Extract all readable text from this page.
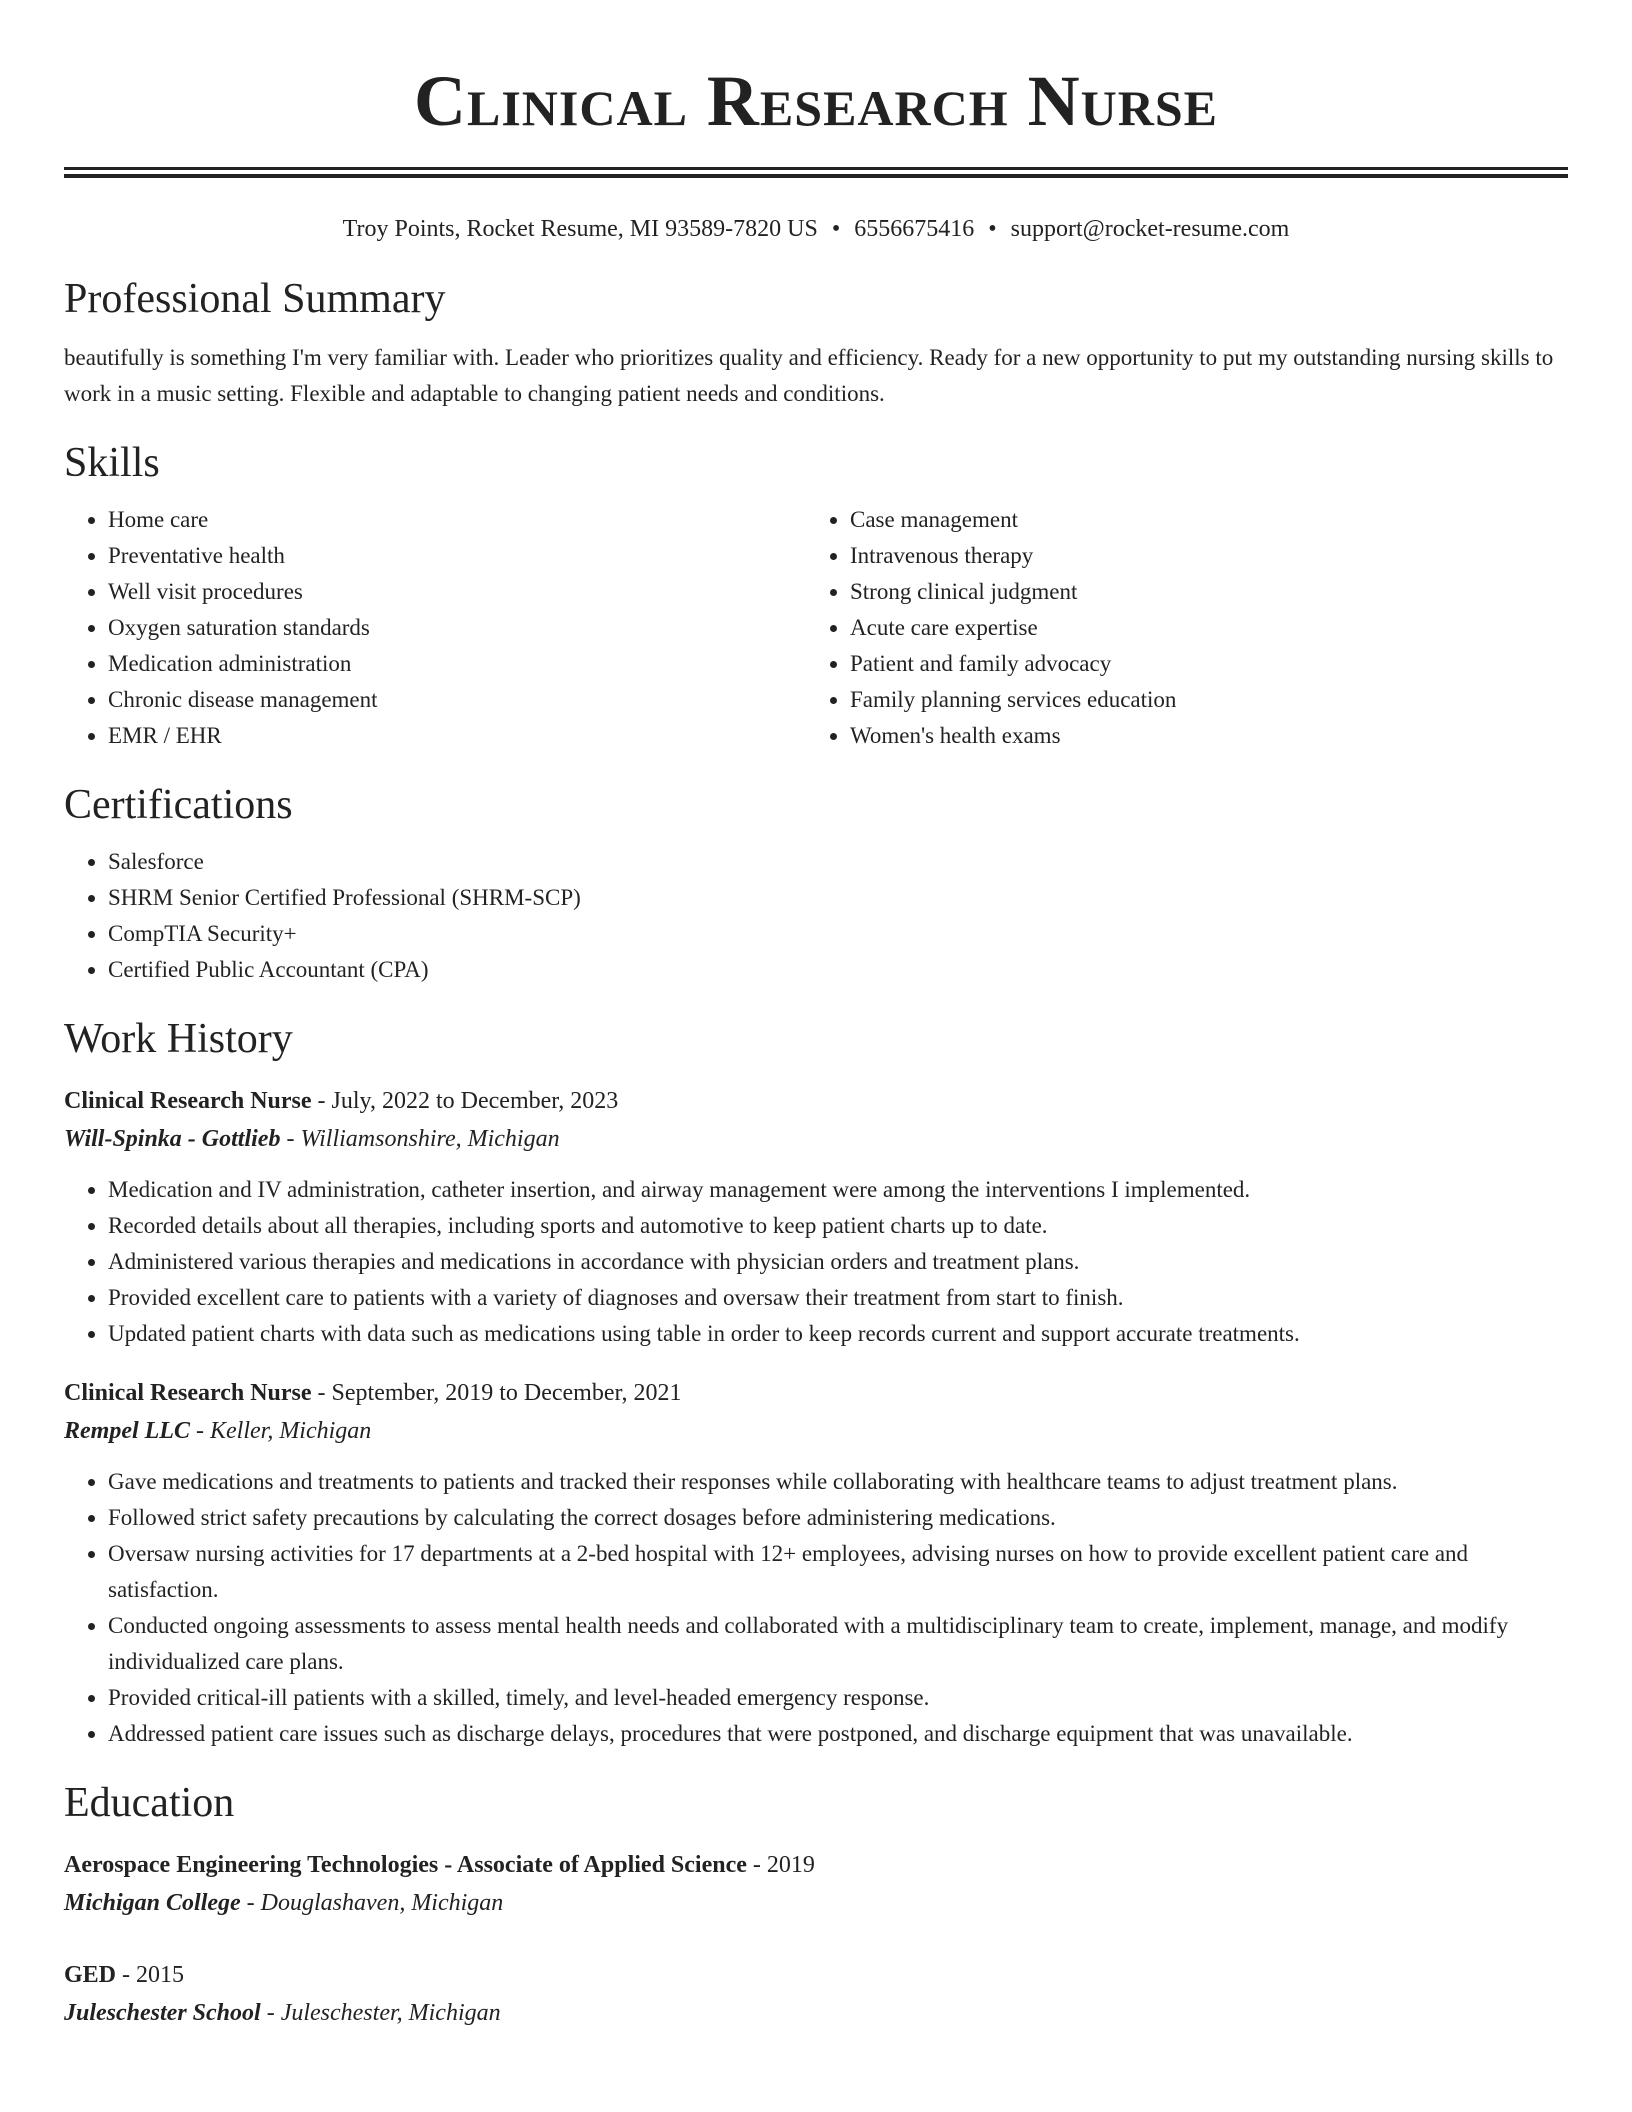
Clinical Research Nurse
Troy Points, Rocket Resume, MI 93589-7820 US • 6556675416 • support@rocket-resume.com
Professional Summary

beautifully is something I'm very familiar with. Leader who prioritizes quality and efficiency. Ready for a new opportunity to put my outstanding nursing skills to work in a music setting. Flexible and adaptable to changing patient needs and conditions.

Skills
• Home care
• Preventative health
• Well visit procedures
• Oxygen saturation standards
• Medication administration
• Chronic disease management
• EMR / EHR
• Case management
• Intravenous therapy
• Strong clinical judgment
• Acute care expertise
• Patient and family advocacy
• Family planning services education
• Women's health exams
Certifications
• Salesforce
• SHRM Senior Certified Professional (SHRM-SCP)
• CompTIA Security+
• Certified Public Accountant (CPA)
Work History
Clinical Research Nurse - July, 2022 to December, 2023
Will-Spinka - Gottlieb - Williamsonshire, Michigan
• Medication and IV administration, catheter insertion, and airway management were among the interventions I implemented.
• Recorded details about all therapies, including sports and automotive to keep patient charts up to date.
• Administered various therapies and medications in accordance with physician orders and treatment plans.
• Provided excellent care to patients with a variety of diagnoses and oversaw their treatment from start to finish.
• Updated patient charts with data such as medications using table in order to keep records current and support accurate treatments.
Clinical Research Nurse - September, 2019 to December, 2021
Rempel LLC - Keller, Michigan
• Gave medications and treatments to patients and tracked their responses while collaborating with healthcare teams to adjust treatment plans.
• Followed strict safety precautions by calculating the correct dosages before administering medications.
• Oversaw nursing activities for 17 departments at a 2-bed hospital with 12+ employees, advising nurses on how to provide excellent patient care and satisfaction.
• Conducted ongoing assessments to assess mental health needs and collaborated with a multidisciplinary team to create, implement, manage, and modify individualized care plans.
• Provided critical-ill patients with a skilled, timely, and level-headed emergency response.
• Addressed patient care issues such as discharge delays, procedures that were postponed, and discharge equipment that was unavailable.
Education
Aerospace Engineering Technologies - Associate of Applied Science - 2019
Michigan College - Douglashaven, Michigan
GED - 2015
Juleschester School - Juleschester, Michigan
